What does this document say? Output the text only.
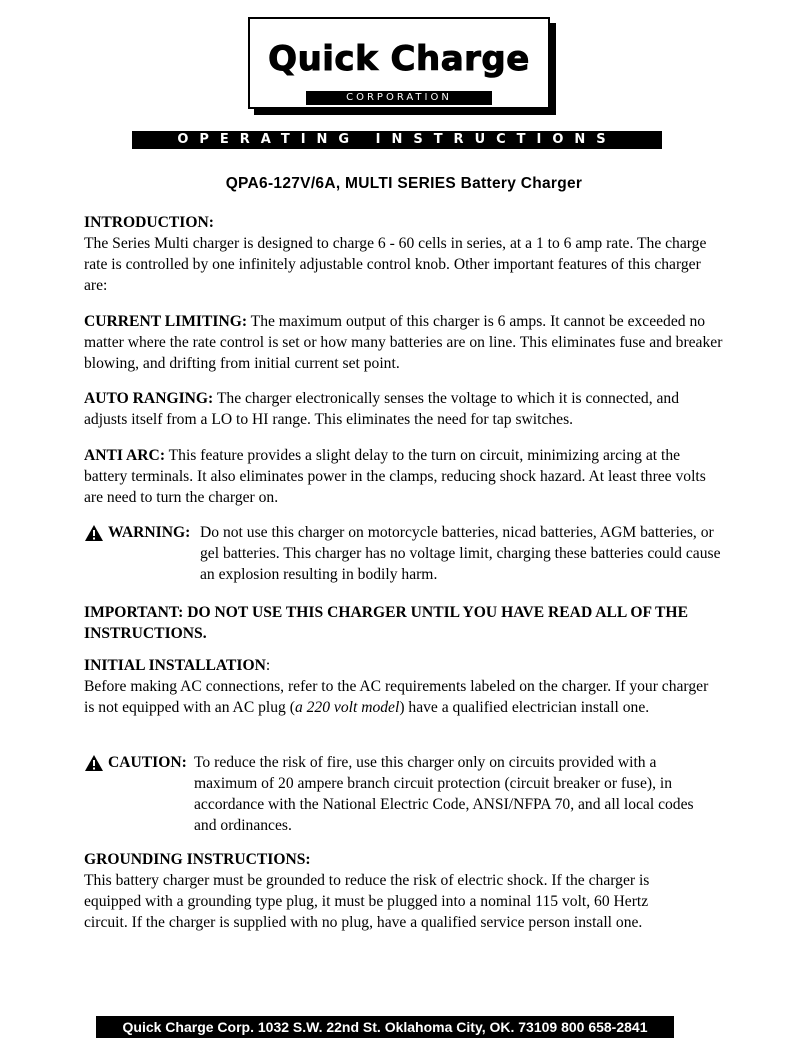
Quick Charge
CORPORATION
OPERATING INSTRUCTIONS
QPA6-127V/6A, MULTI SERIES Battery Charger
INTRODUCTION:
The Series Multi charger is designed to charge 6 - 60 cells in series, at a 1 to 6 amp rate. The charge rate is controlled by one infinitely adjustable control knob. Other important features of this charger are:
CURRENT LIMITING: The maximum output of this charger is 6 amps. It cannot be exceeded no matter where the rate control is set or how many batteries are on line. This eliminates fuse and breaker blowing, and drifting from initial current set point.
AUTO RANGING: The charger electronically senses the voltage to which it is connected, and adjusts itself from a LO to HI range. This eliminates the need for tap switches.
ANTI ARC: This feature provides a slight delay to the turn on circuit, minimizing arcing at the battery terminals. It also eliminates power in the clamps, reducing shock hazard. At least three volts are need to turn the charger on.
WARNING: Do not use this charger on motorcycle batteries, nicad batteries, AGM batteries, or gel batteries. This charger has no voltage limit, charging these batteries could cause an explosion resulting in bodily harm.
IMPORTANT: DO NOT USE THIS CHARGER UNTIL YOU HAVE READ ALL OF THE INSTRUCTIONS.
INITIAL INSTALLATION:
Before making AC connections, refer to the AC requirements labeled on the charger. If your charger is not equipped with an AC plug (a 220 volt model) have a qualified electrician install one.
CAUTION: To reduce the risk of fire, use this charger only on circuits provided with a maximum of 20 ampere branch circuit protection (circuit breaker or fuse), in accordance with the National Electric Code, ANSI/NFPA 70, and all local codes and ordinances.
GROUNDING INSTRUCTIONS:
This battery charger must be grounded to reduce the risk of electric shock. If the charger is equipped with a grounding type plug, it must be plugged into a nominal 115 volt, 60 Hertz circuit. If the charger is supplied with no plug, have a qualified service person install one.
Quick Charge Corp. 1032 S.W. 22nd St. Oklahoma City, OK. 73109 800 658-2841
